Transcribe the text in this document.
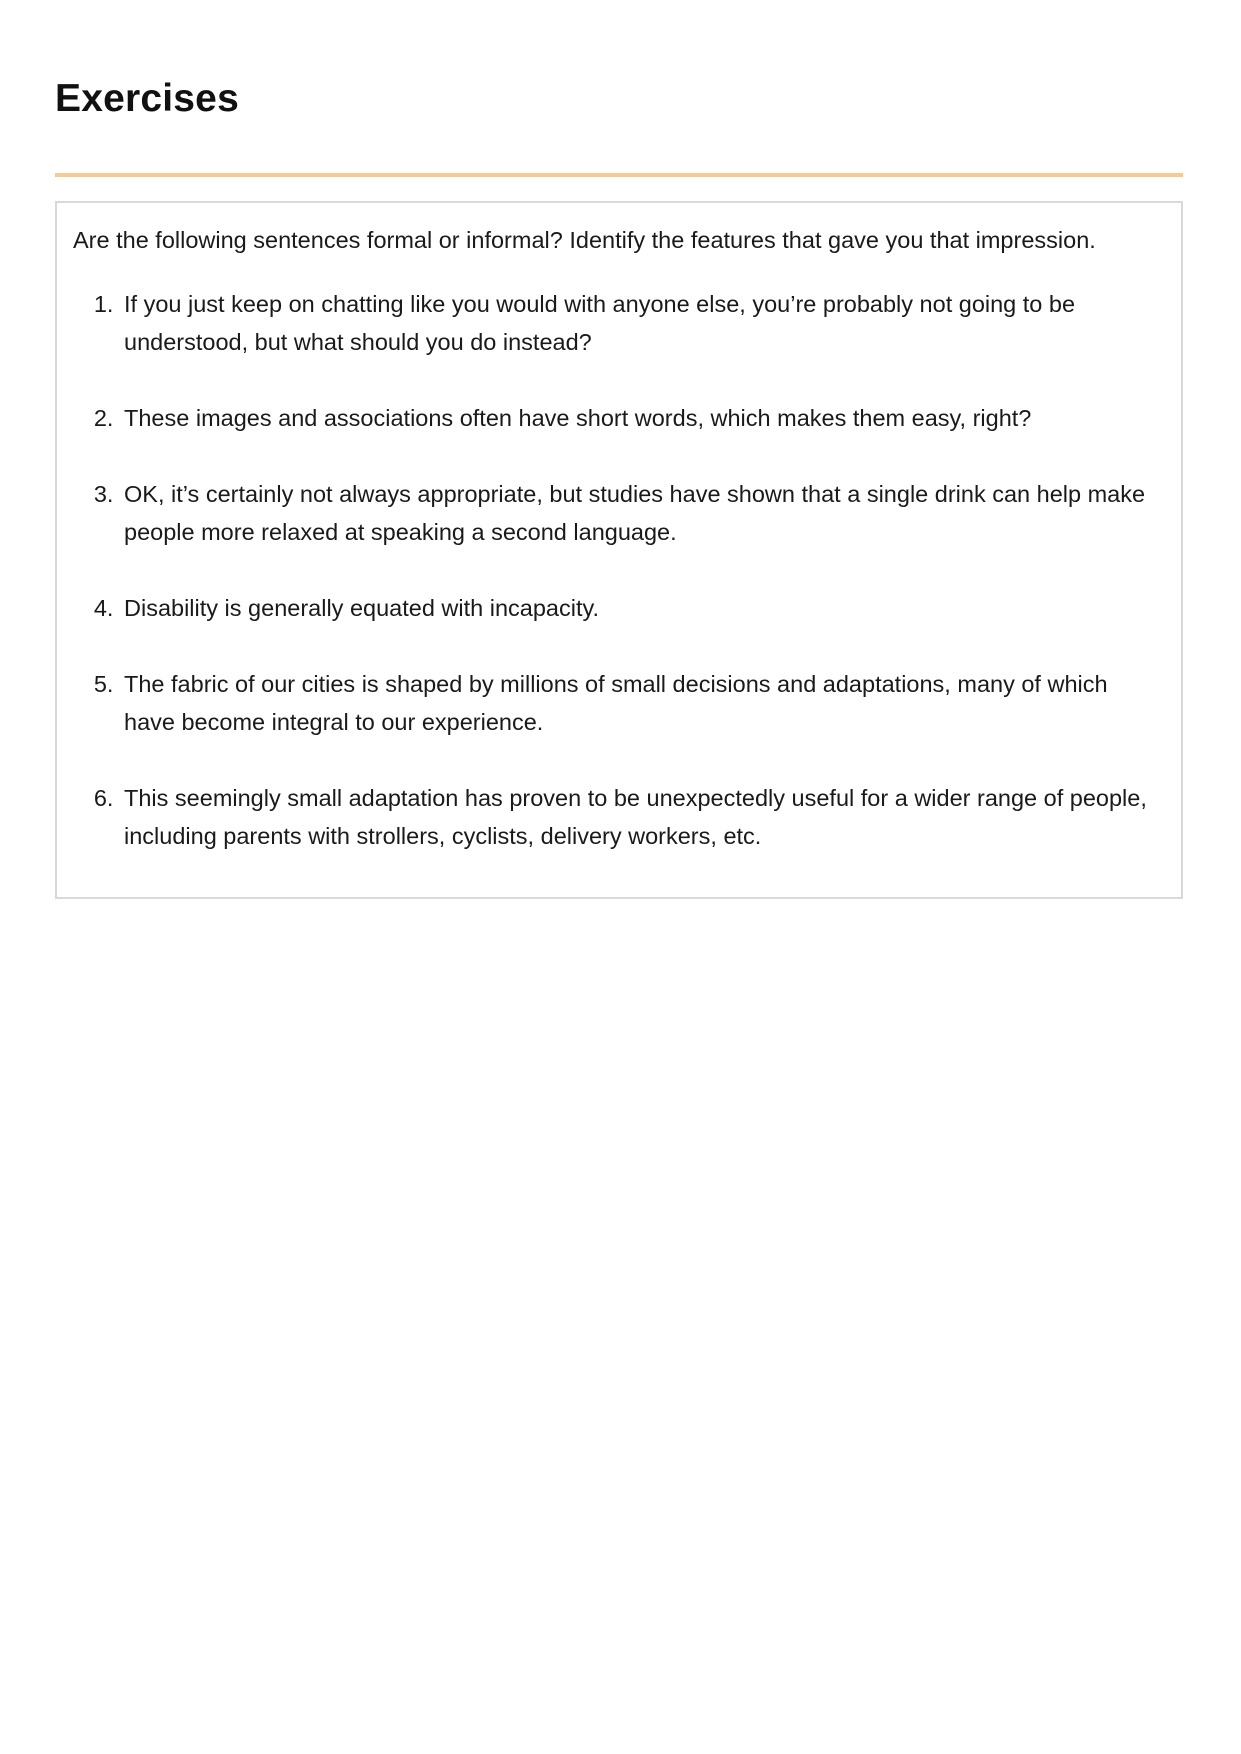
Exercises

Are the following sentences formal or informal? Identify the features that gave you that impression.

1. If you just keep on chatting like you would with anyone else, you’re probably not going to be understood, but what should you do instead?
2. These images and associations often have short words, which makes them easy, right?
3. OK, it’s certainly not always appropriate, but studies have shown that a single drink can help make people more relaxed at speaking a second language.
4. Disability is generally equated with incapacity.
5. The fabric of our cities is shaped by millions of small decisions and adaptations, many of which have become integral to our experience.
6. This seemingly small adaptation has proven to be unexpectedly useful for a wider range of people, including parents with strollers, cyclists, delivery workers, etc.
